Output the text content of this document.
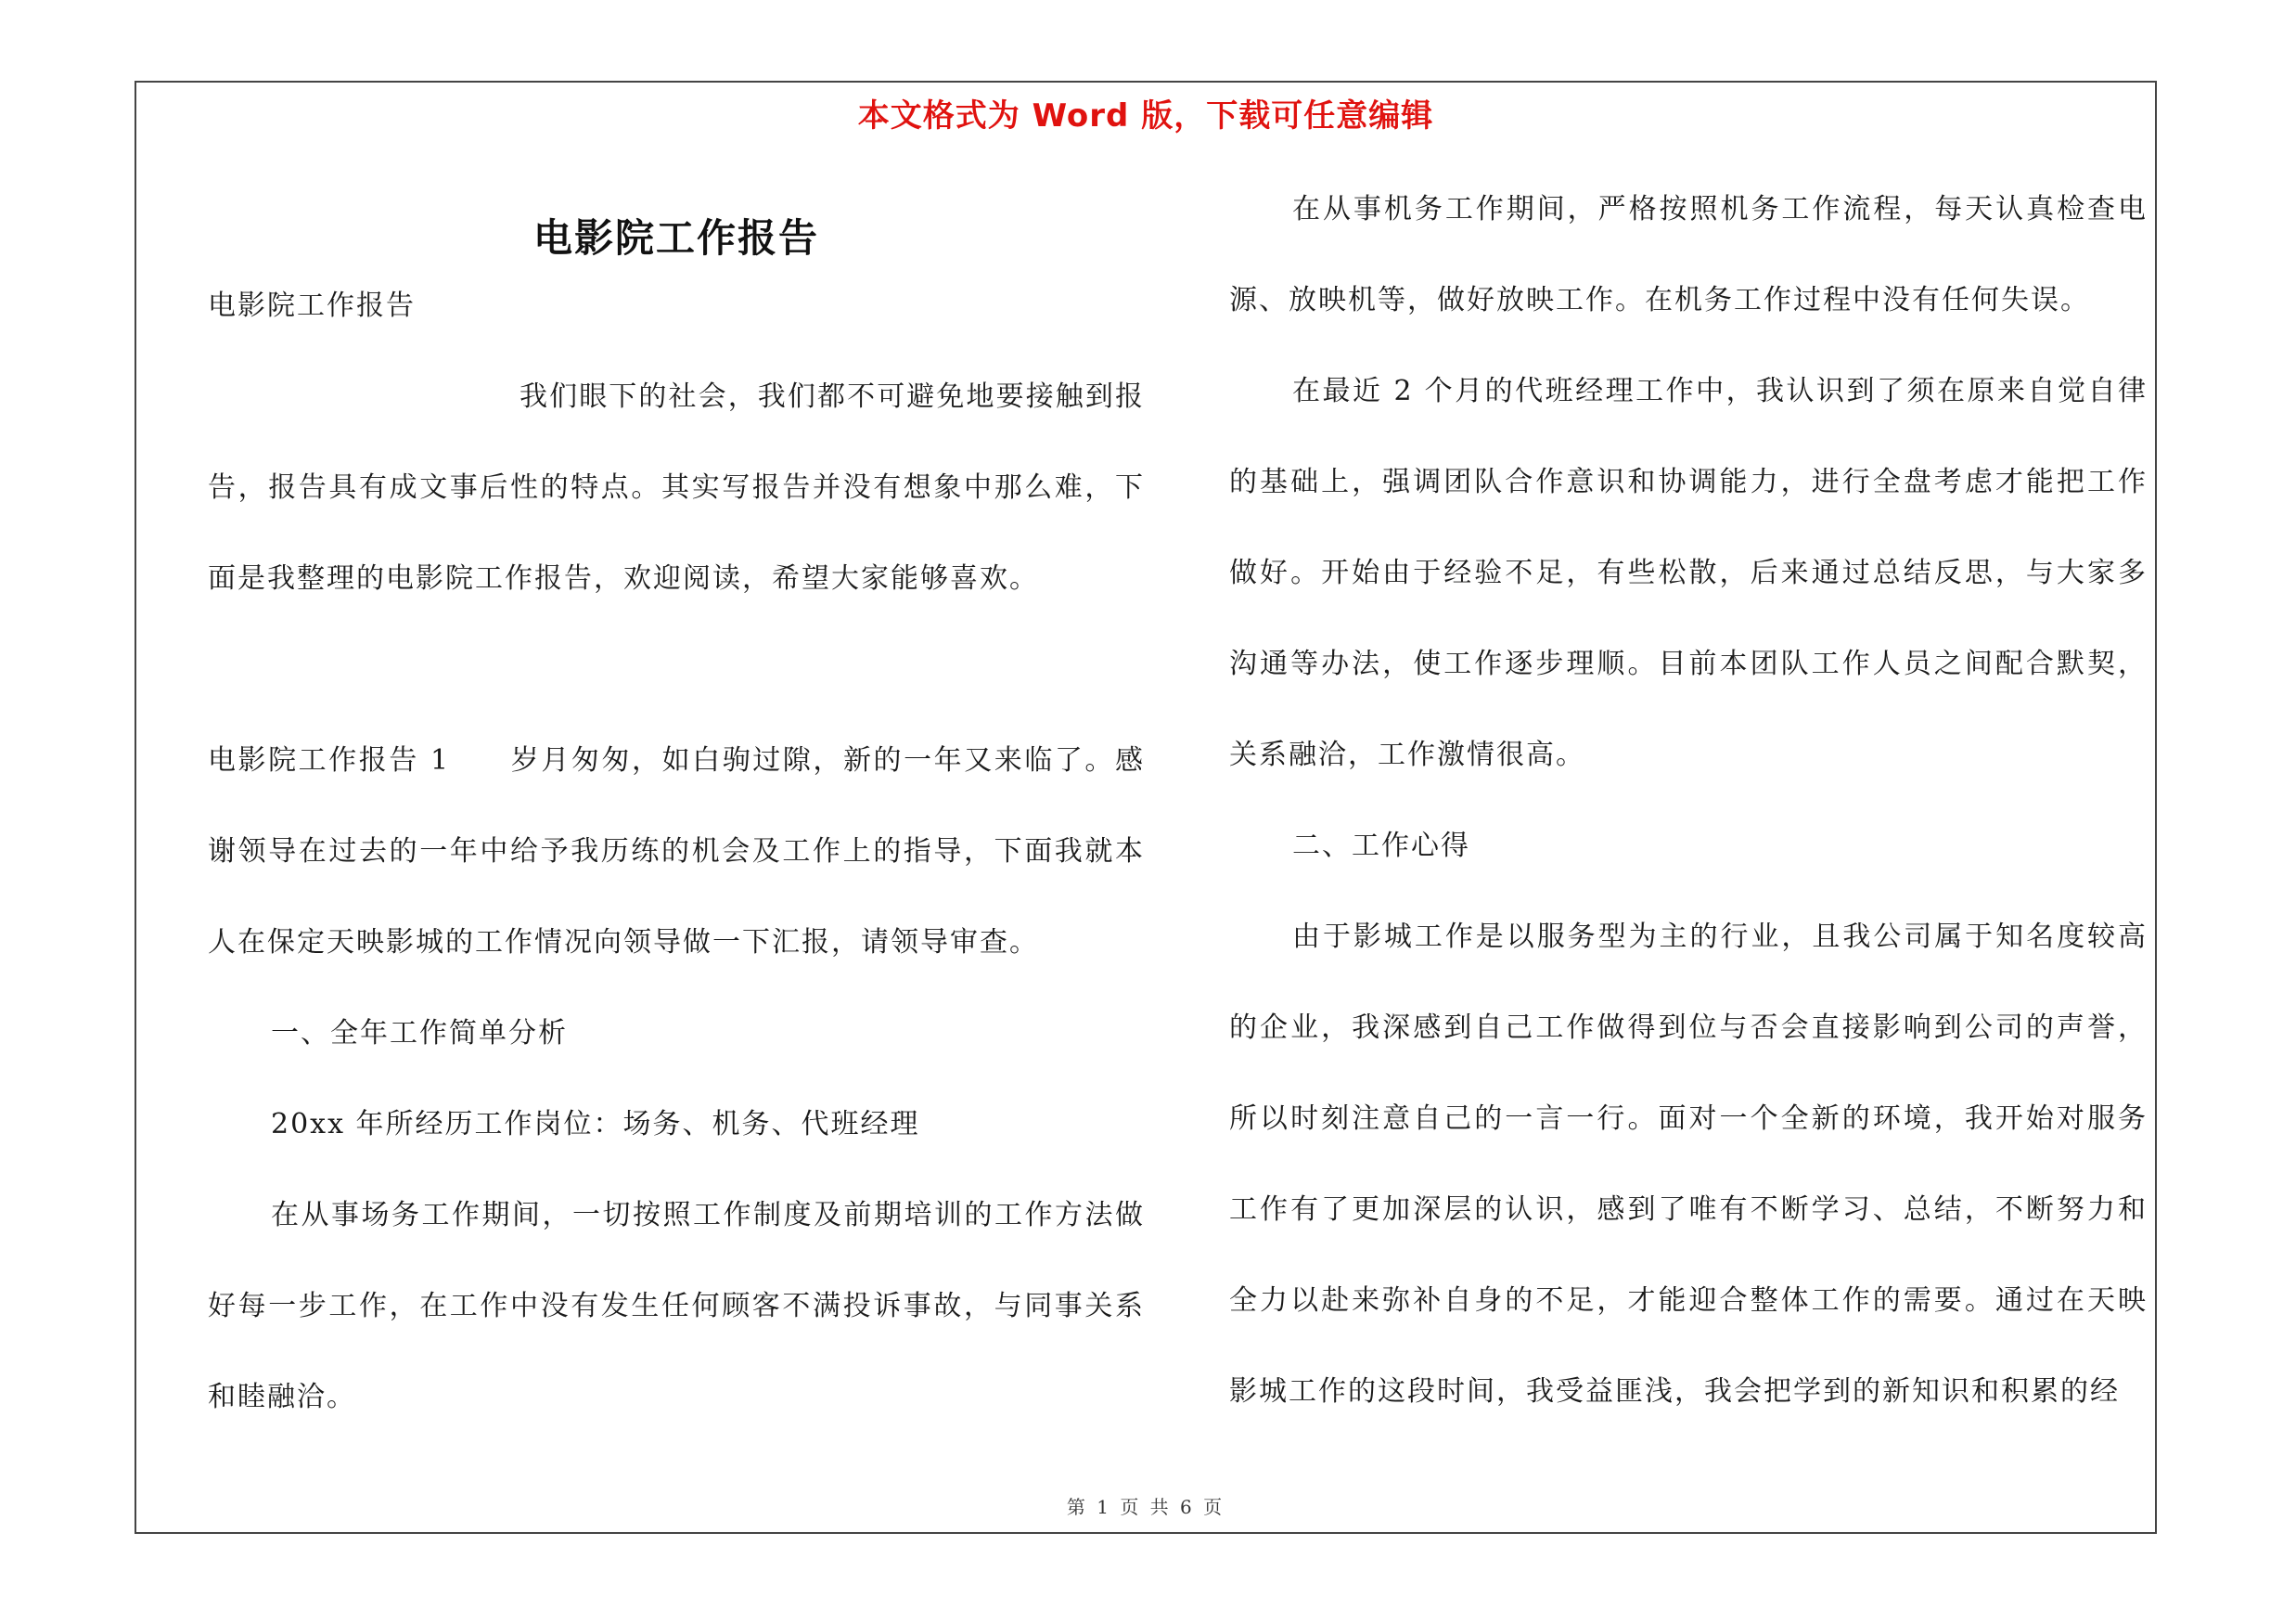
本文格式为 Word 版，下载可任意编辑
电影院工作报告

电影院工作报告

我们眼下的社会，我们都不可避免地要接触到报告，报告具有成文事后性的特点。其实写报告并没有想象中那么难，下面是我整理的电影院工作报告，欢迎阅读，希望大家能够喜欢。

电影院工作报告 1　　岁月匆匆，如白驹过隙，新的一年又来临了。感谢领导在过去的一年中给予我历练的机会及工作上的指导，下面我就本人在保定天映影城的工作情况向领导做一下汇报，请领导审查。

一、全年工作简单分析

20xx 年所经历工作岗位：场务、机务、代班经理

在从事场务工作期间，一切按照工作制度及前期培训的工作方法做好每一步工作，在工作中没有发生任何顾客不满投诉事故，与同事关系和睦融洽。

在从事机务工作期间，严格按照机务工作流程，每天认真检查电源、放映机等，做好放映工作。在机务工作过程中没有任何失误。

在最近 2 个月的代班经理工作中，我认识到了须在原来自觉自律的基础上，强调团队合作意识和协调能力，进行全盘考虑才能把工作做好。开始由于经验不足，有些松散，后来通过总结反思，与大家多沟通等办法，使工作逐步理顺。目前本团队工作人员之间配合默契，关系融洽，工作激情很高。

二、工作心得

由于影城工作是以服务型为主的行业，且我公司属于知名度较高的企业，我深感到自己工作做得到位与否会直接影响到公司的声誉，所以时刻注意自己的一言一行。面对一个全新的环境，我开始对服务工作有了更加深层的认识，感到了唯有不断学习、总结，不断努力和全力以赴来弥补自身的不足，才能迎合整体工作的需要。通过在天映影城工作的这段时间，我受益匪浅，我会把学到的新知识和积累的经

第 1 页 共 6 页
